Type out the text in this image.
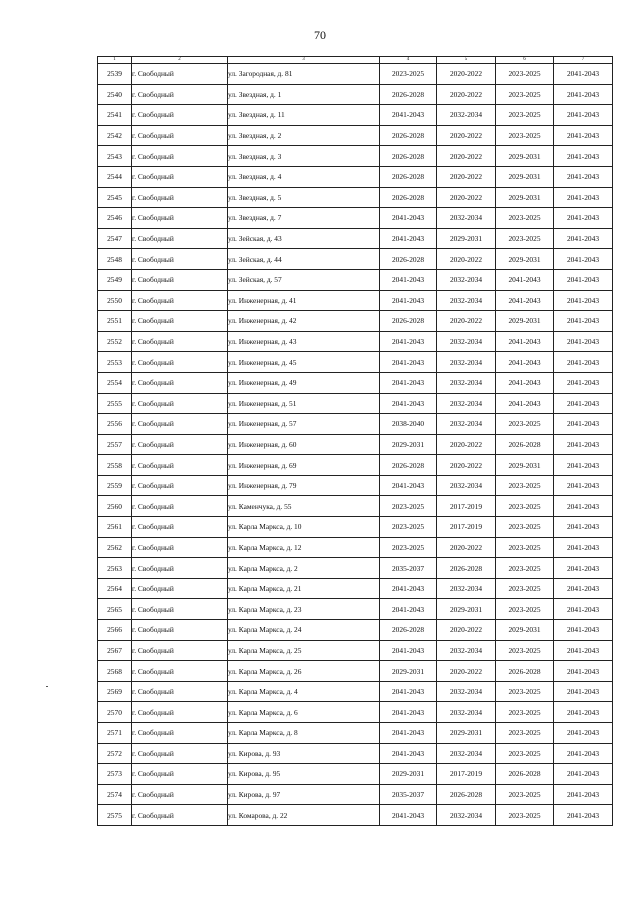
70
1	2	3	4	5	6	7
2539	г. Свободный	ул. Загородная, д. 81	2023-2025	2020-2022	2023-2025	2041-2043
2540	г. Свободный	ул. Звездная, д. 1	2026-2028	2020-2022	2023-2025	2041-2043
2541	г. Свободный	ул. Звездная, д. 11	2041-2043	2032-2034	2023-2025	2041-2043
2542	г. Свободный	ул. Звездная, д. 2	2026-2028	2020-2022	2023-2025	2041-2043
2543	г. Свободный	ул. Звездная, д. 3	2026-2028	2020-2022	2029-2031	2041-2043
2544	г. Свободный	ул. Звездная, д. 4	2026-2028	2020-2022	2029-2031	2041-2043
2545	г. Свободный	ул. Звездная, д. 5	2026-2028	2020-2022	2029-2031	2041-2043
2546	г. Свободный	ул. Звездная, д. 7	2041-2043	2032-2034	2023-2025	2041-2043
2547	г. Свободный	ул. Зейская, д. 43	2041-2043	2029-2031	2023-2025	2041-2043
2548	г. Свободный	ул. Зейская, д. 44	2026-2028	2020-2022	2029-2031	2041-2043
2549	г. Свободный	ул. Зейская, д. 57	2041-2043	2032-2034	2041-2043	2041-2043
2550	г. Свободный	ул. Инженерная, д. 41	2041-2043	2032-2034	2041-2043	2041-2043
2551	г. Свободный	ул. Инженерная, д. 42	2026-2028	2020-2022	2029-2031	2041-2043
2552	г. Свободный	ул. Инженерная, д. 43	2041-2043	2032-2034	2041-2043	2041-2043
2553	г. Свободный	ул. Инженерная, д. 45	2041-2043	2032-2034	2041-2043	2041-2043
2554	г. Свободный	ул. Инженерная, д. 49	2041-2043	2032-2034	2041-2043	2041-2043
2555	г. Свободный	ул. Инженерная, д. 51	2041-2043	2032-2034	2041-2043	2041-2043
2556	г. Свободный	ул. Инженерная, д. 57	2038-2040	2032-2034	2023-2025	2041-2043
2557	г. Свободный	ул. Инженерная, д. 60	2029-2031	2020-2022	2026-2028	2041-2043
2558	г. Свободный	ул. Инженерная, д. 69	2026-2028	2020-2022	2029-2031	2041-2043
2559	г. Свободный	ул. Инженерная, д. 79	2041-2043	2032-2034	2023-2025	2041-2043
2560	г. Свободный	ул. Каменчука, д. 55	2023-2025	2017-2019	2023-2025	2041-2043
2561	г. Свободный	ул. Карла Маркса, д. 10	2023-2025	2017-2019	2023-2025	2041-2043
2562	г. Свободный	ул. Карла Маркса, д. 12	2023-2025	2020-2022	2023-2025	2041-2043
2563	г. Свободный	ул. Карла Маркса, д. 2	2035-2037	2026-2028	2023-2025	2041-2043
2564	г. Свободный	ул. Карла Маркса, д. 21	2041-2043	2032-2034	2023-2025	2041-2043
2565	г. Свободный	ул. Карла Маркса, д. 23	2041-2043	2029-2031	2023-2025	2041-2043
2566	г. Свободный	ул. Карла Маркса, д. 24	2026-2028	2020-2022	2029-2031	2041-2043
2567	г. Свободный	ул. Карла Маркса, д. 25	2041-2043	2032-2034	2023-2025	2041-2043
2568	г. Свободный	ул. Карла Маркса, д. 26	2029-2031	2020-2022	2026-2028	2041-2043
2569	г. Свободный	ул. Карла Маркса, д. 4	2041-2043	2032-2034	2023-2025	2041-2043
2570	г. Свободный	ул. Карла Маркса, д. 6	2041-2043	2032-2034	2023-2025	2041-2043
2571	г. Свободный	ул. Карла Маркса, д. 8	2041-2043	2029-2031	2023-2025	2041-2043
2572	г. Свободный	ул. Кирова, д. 93	2041-2043	2032-2034	2023-2025	2041-2043
2573	г. Свободный	ул. Кирова, д. 95	2029-2031	2017-2019	2026-2028	2041-2043
2574	г. Свободный	ул. Кирова, д. 97	2035-2037	2026-2028	2023-2025	2041-2043
2575	г. Свободный	ул. Комарова, д. 22	2041-2043	2032-2034	2023-2025	2041-2043
